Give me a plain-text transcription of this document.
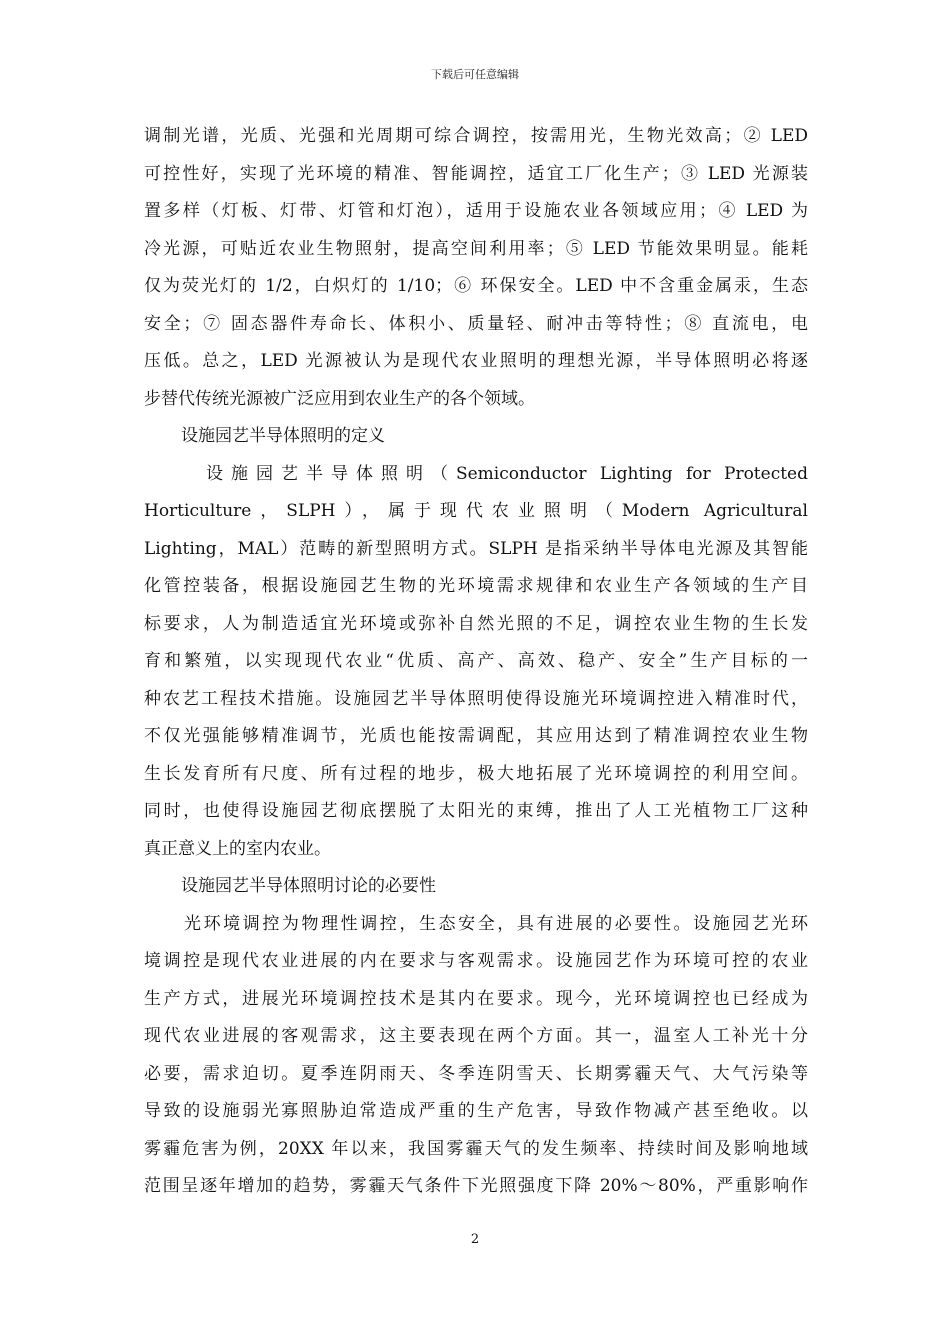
下载后可任意编辑
调制光谱，光质、光强和光周期可综合调控，按需用光，生物光效高；② LED
可控性好，实现了光环境的精准、智能调控，适宜工厂化生产；③ LED 光源装
置多样（灯板、灯带、灯管和灯泡），适用于设施农业各领域应用；④ LED 为
冷光源，可贴近农业生物照射，提高空间利用率；⑤ LED 节能效果明显。能耗
仅为荧光灯的 1/2，白炽灯的 1/10；⑥ 环保安全。LED 中不含重金属汞，生态
安全；⑦ 固态器件寿命长、体积小、质量轻、耐冲击等特性；⑧ 直流电，电
压低。总之，LED 光源被认为是现代农业照明的理想光源，半导体照明必将逐
步替代传统光源被广泛应用到农业生产的各个领域。
设施园艺半导体照明的定义
设施园艺半导体照明（Semiconductor Lighting for Protected
Horticulture，SLPH），属于现代农业照明（Modern Agricultural
Lighting，MAL）范畴的新型照明方式。SLPH 是指采纳半导体电光源及其智能
化管控装备，根据设施园艺生物的光环境需求规律和农业生产各领域的生产目
标要求，人为制造适宜光环境或弥补自然光照的不足，调控农业生物的生长发
育和繁殖，以实现现代农业“优质、高产、高效、稳产、安全”生产目标的一
种农艺工程技术措施。设施园艺半导体照明使得设施光环境调控进入精准时代，
不仅光强能够精准调节，光质也能按需调配，其应用达到了精准调控农业生物
生长发育所有尺度、所有过程的地步，极大地拓展了光环境调控的利用空间。
同时，也使得设施园艺彻底摆脱了太阳光的束缚，推出了人工光植物工厂这种
真正意义上的室内农业。
设施园艺半导体照明讨论的必要性
光环境调控为物理性调控，生态安全，具有进展的必要性。设施园艺光环
境调控是现代农业进展的内在要求与客观需求。设施园艺作为环境可控的农业
生产方式，进展光环境调控技术是其内在要求。现今，光环境调控也已经成为
现代农业进展的客观需求，这主要表现在两个方面。其一，温室人工补光十分
必要，需求迫切。夏季连阴雨天、冬季连阴雪天、长期雾霾天气、大气污染等
导致的设施弱光寡照胁迫常造成严重的生产危害，导致作物减产甚至绝收。以
雾霾危害为例，20XX 年以来，我国雾霾天气的发生频率、持续时间及影响地域
范围呈逐年增加的趋势，雾霾天气条件下光照强度下降 20%～80%，严重影响作
2
